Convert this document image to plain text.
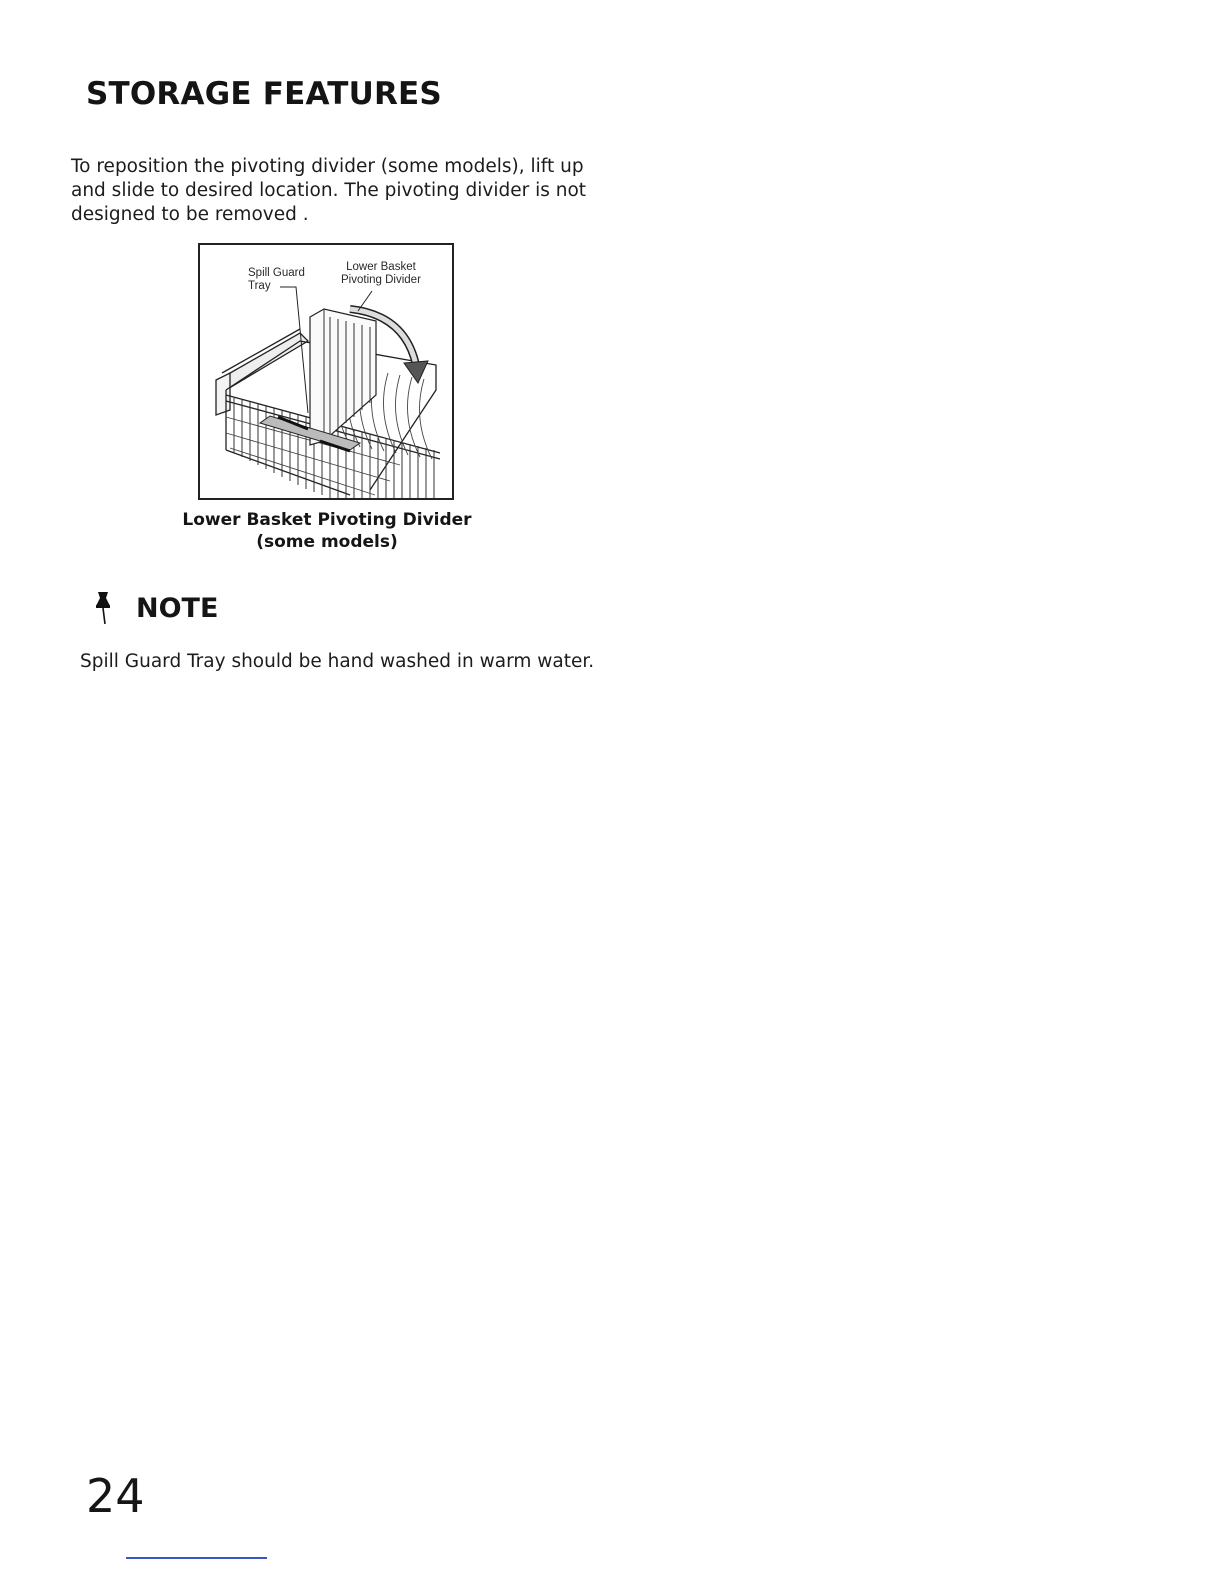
STORAGE FEATURES

To reposition the pivoting divider (some models), lift up
and slide to desired location. The pivoting divider is not
designed to be removed .

Spill Guard
Tray
Lower Basket
Pivoting Divider
Lower Basket Pivoting Divider
(some models)
NOTE

Spill Guard Tray should be hand washed in warm water.

24
